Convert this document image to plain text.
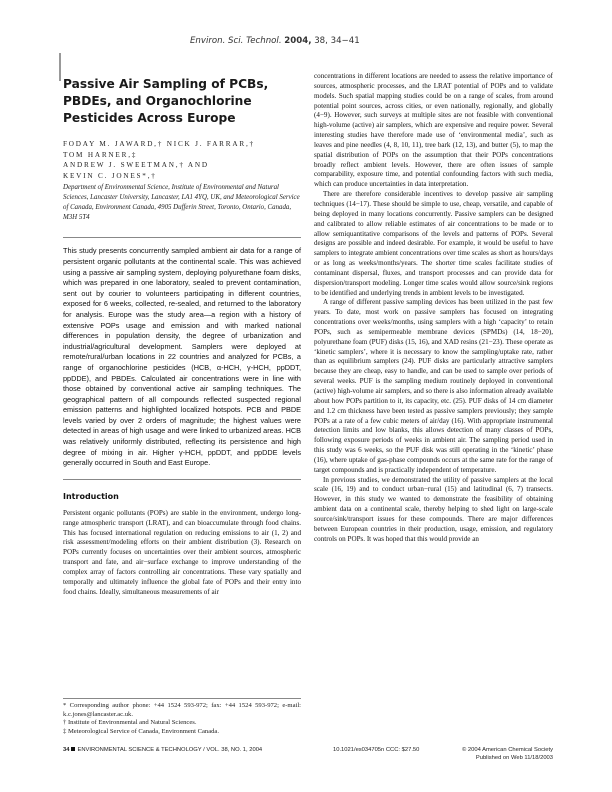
Environ. Sci. Technol. 2004, 38, 34−41
Passive Air Sampling of PCBs, PBDEs, and Organochlorine Pesticides Across Europe
FODAY M. JAWARD,† NICK J. FARRAR,†
TOM HARNER,‡
ANDREW J. SWEETMAN,† AND
KEVIN C. JONES*,†
Department of Environmental Science, Institute of Environmental and Natural Sciences, Lancaster University, Lancaster, LA1 4YQ, UK, and Meteorological Service of Canada, Environment Canada, 4905 Dufferin Street, Toronto, Ontario, Canada, M3H 5T4
This study presents concurrently sampled ambient air data for a range of persistent organic pollutants at the continental scale. This was achieved using a passive air sampling system, deploying polyurethane foam disks, which was prepared in one laboratory, sealed to prevent contamination, sent out by courier to volunteers participating in different countries, exposed for 6 weeks, collected, re-sealed, and returned to the laboratory for analysis. Europe was the study area—a region with a history of extensive POPs usage and emission and with marked national differences in population density, the degree of urbanization and industrial/agricultural development. Samplers were deployed at remote/rural/urban locations in 22 countries and analyzed for PCBs, a range of organochlorine pesticides (HCB, α-HCH, γ-HCH, ppDDT, ppDDE), and PBDEs. Calculated air concentrations were in line with those obtained by conventional active air sampling techniques. The geographical pattern of all compounds reflected suspected regional emission patterns and highlighted localized hotspots. PCB and PBDE levels varied by over 2 orders of magnitude; the highest values were detected in areas of high usage and were linked to urbanized areas. HCB was relatively uniformly distributed, reflecting its persistence and high degree of mixing in air. Higher γ-HCH, ppDDT, and ppDDE levels generally occurred in South and East Europe.
Introduction

Persistent organic pollutants (POPs) are stable in the environment, undergo long-range atmospheric transport (LRAT), and can bioaccumulate through food chains. This has focused international regulation on reducing emissions to air (1, 2) and risk assessment/modeling efforts on their ambient distribution (3). Research on POPs currently focuses on uncertainties over their ambient sources, atmospheric transport and fate, and air−surface exchange to improve understanding of the complex array of factors controlling air concentrations. These vary spatially and temporally and ultimately influence the global fate of POPs and their entry into food chains. Ideally, simultaneous measurements of air

concentrations in different locations are needed to assess the relative importance of sources, atmospheric processes, and the LRAT potential of POPs and to validate models. Such spatial mapping studies could be on a range of scales, from around potential point sources, across cities, or even nationally, regionally, and globally (4−9). However, such surveys at multiple sites are not feasible with conventional high-volume (active) air samplers, which are expensive and require power. Several interesting studies have therefore made use of ‘environmental media’, such as leaves and pine needles (4, 8, 10, 11), tree bark (12, 13), and butter (5), to map the spatial distribution of POPs on the assumption that their POPs concentrations broadly reflect ambient levels. However, there are often issues of sample comparability, exposure time, and potential confounding factors with such media, which can produce uncertainties in data interpretation.

There are therefore considerable incentives to develop passive air sampling techniques (14−17). These should be simple to use, cheap, versatile, and capable of being deployed in many locations concurrently. Passive samplers can be designed and calibrated to allow reliable estimates of air concentrations to be made or to allow semiquantitative comparisons of the levels and patterns of POPs. Several designs are possible and indeed desirable. For example, it would be useful to have samplers to integrate ambient concentrations over time scales as short as hours/days or as long as weeks/months/years. The shorter time scales facilitate studies of contaminant dispersal, fluxes, and transport processes and can provide data for dispersion/transport modeling. Longer time scales would allow source/sink regions to be identified and underlying trends in ambient levels to be investigated.

A range of different passive sampling devices has been utilized in the past few years. To date, most work on passive samplers has focused on integrating concentrations over weeks/months, using samplers with a high ‘capacity’ to retain POPs, such as semipermeable membrane devices (SPMDs) (14, 18−20), polyurethane foam (PUF) disks (15, 16), and XAD resins (21−23). These operate as ‘kinetic samplers’, where it is necessary to know the sampling/uptake rate, rather than as equilibrium samplers (24). PUF disks are particularly attractive samplers because they are cheap, easy to handle, and can be used to sample over periods of several weeks. PUF is the sampling medium routinely deployed in conventional (active) high-volume air samplers, and so there is also information already available about how POPs partition to it, its capacity, etc. (25). PUF disks of 14 cm diameter and 1.2 cm thickness have been tested as passive samplers previously; they sample POPs at a rate of a few cubic meters of air/day (16). With appropriate instrumental detection limits and low blanks, this allows detection of many classes of POPs, following exposure periods of weeks in ambient air. The sampling period used in this study was 6 weeks, so the PUF disk was still operating in the ‘kinetic’ phase (16), where uptake of gas-phase compounds occurs at the same rate for the range of target compounds and is practically independent of temperature.

In previous studies, we demonstrated the utility of passive samplers at the local scale (16, 19) and to conduct urban−rural (15) and latitudinal (6, 7) transects. However, in this study we wanted to demonstrate the feasibility of obtaining ambient data on a continental scale, thereby helping to shed light on large-scale source/sink/transport issues for these compounds. There are major differences between European countries in their production, usage, emission, and regulatory controls on POPs. It was hoped that this would provide an

* Corresponding author phone: +44 1524 593-972; fax: +44 1524 593-972; e-mail: k.c.jones@lancaster.ac.uk.
† Institute of Environmental and Natural Sciences.
‡ Meteorological Service of Canada, Environment Canada.
34 ENVIRONMENTAL SCIENCE & TECHNOLOGY / VOL. 38, NO. 1, 2004	10.1021/es034705n CCC: $27.50	© 2004 American Chemical Society
Published on Web 11/18/2003
